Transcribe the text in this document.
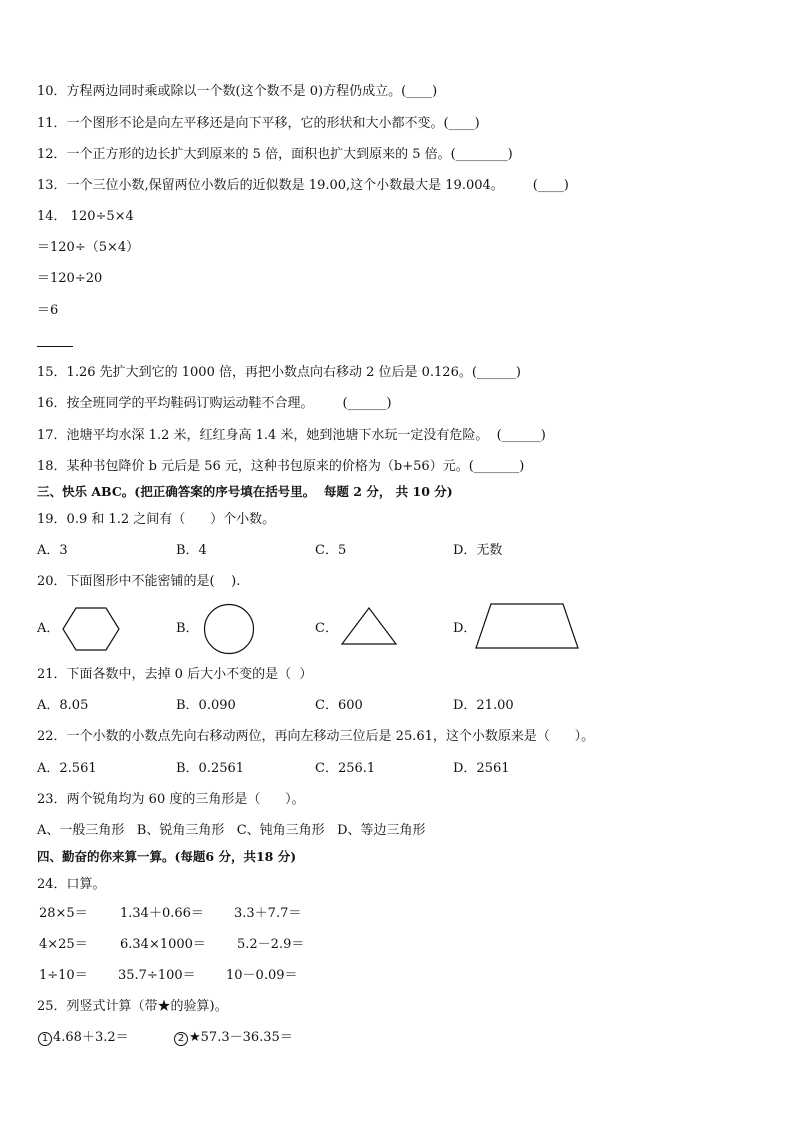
10．方程两边同时乘或除以一个数(这个数不是 0)方程仍成立。(____)
11．一个图形不论是向左平移还是向下平移，它的形状和大小都不变。(____)
12．一个正方形的边长扩大到原来的 5 倍，面积也扩大到原来的 5 倍。(________)
13．一个三位小数,保留两位小数后的近似数是 19.00,这个小数最大是 19.004。       (____)
14． 120÷5×4
＝120÷（5×4）
＝120÷20
＝6
15．1.26 先扩大到它的 1000 倍，再把小数点向右移动 2 位后是 0.126。(______)
16．按全班同学的平均鞋码订购运动鞋不合理。       (______)
17．池塘平均水深 1.2 米，红红身高 1.4 米，她到池塘下水玩一定没有危险。  (______)
18．某种书包降价 b 元后是 56 元，这种书包原来的价格为（b+56）元。(_______)
三、快乐 ABC。(把正确答案的序号填在括号里。  每题 2 分， 共 10 分)
19．0.9 和 1.2 之间有（      ）个小数。
A．3	B．4	C．5	D．无数
20．下面图形中不能密铺的是(    ).
A．	B．	C．	D．
21．下面各数中，去掉 0 后大小不变的是（  ）
A．8.05	B．0.090	C．600	D．21.00
22．一个小数的小数点先向右移动两位，再向左移动三位后是 25.61，这个小数原来是（      ）。
A．2.561	B．0.2561	C．256.1	D．2561
23．两个锐角均为 60 度的三角形是（      ）。
A、一般三角形   B、锐角三角形   C、钝角三角形   D、等边三角形
四、勤奋的你来算一算。(每题6 分，共18 分)
24．口算。
28×5＝ 1.34＋0.66＝ 3.3＋7.7＝
4×25＝ 6.34×1000＝ 5.2－2.9＝
1÷10＝ 35.7÷100＝ 10－0.09＝
25．列竖式计算（带★的验算)。
1 4.68＋3.2＝	2 ★57.3－36.35＝
